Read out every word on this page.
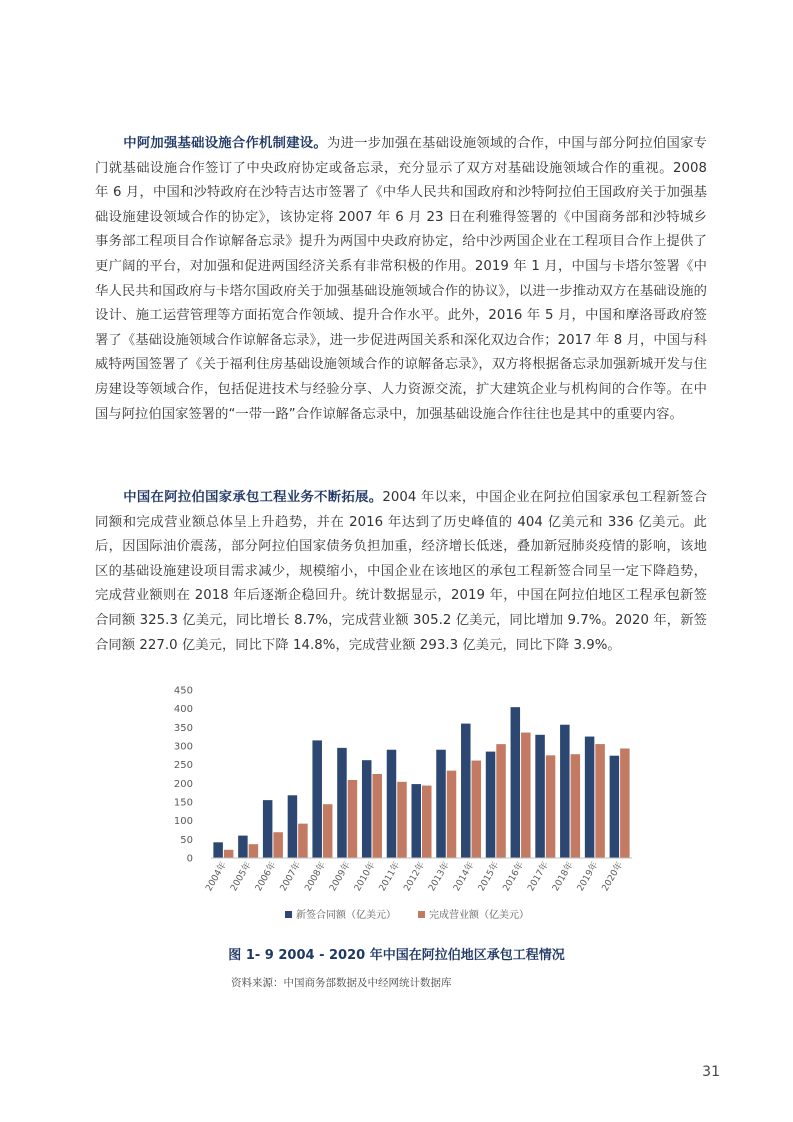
中阿加强基础设施合作机制建设。为进一步加强在基础设施领域的合作，中国与部分阿拉伯国家专门就基础设施合作签订了中央政府协定或备忘录，充分显示了双方对基础设施领域合作的重视。2008 年 6 月，中国和沙特政府在沙特吉达市签署了《中华人民共和国政府和沙特阿拉伯王国政府关于加强基础设施建设领域合作的协定》，该协定将 2007 年 6 月 23 日在利雅得签署的《中国商务部和沙特城乡事务部工程项目合作谅解备忘录》提升为两国中央政府协定，给中沙两国企业在工程项目合作上提供了更广阔的平台，对加强和促进两国经济关系有非常积极的作用。2019 年 1 月，中国与卡塔尔签署《中华人民共和国政府与卡塔尔国政府关于加强基础设施领域合作的协议》，以进一步推动双方在基础设施的设计、施工运营管理等方面拓宽合作领域、提升合作水平。此外，2016 年 5 月，中国和摩洛哥政府签署了《基础设施领域合作谅解备忘录》，进一步促进两国关系和深化双边合作；2017 年 8 月，中国与科威特两国签署了《关于福利住房基础设施领域合作的谅解备忘录》，双方将根据备忘录加强新城开发与住房建设等领域合作，包括促进技术与经验分享、人力资源交流，扩大建筑企业与机构间的合作等。在中国与阿拉伯国家签署的“一带一路”合作谅解备忘录中，加强基础设施合作往往也是其中的重要内容。

中国在阿拉伯国家承包工程业务不断拓展。2004 年以来，中国企业在阿拉伯国家承包工程新签合同额和完成营业额总体呈上升趋势，并在 2016 年达到了历史峰值的 404 亿美元和 336 亿美元。此后，因国际油价震荡，部分阿拉伯国家债务负担加重，经济增长低迷，叠加新冠肺炎疫情的影响，该地区的基础设施建设项目需求减少，规模缩小，中国企业在该地区的承包工程新签合同呈一定下降趋势，完成营业额则在 2018 年后逐渐企稳回升。统计数据显示，2019 年，中国在阿拉伯地区工程承包新签合同额 325.3 亿美元，同比增长 8.7%，完成营业额 305.2 亿美元，同比增加 9.7%。2020 年，新签合同额 227.0 亿美元，同比下降 14.8%，完成营业额 293.3 亿美元，同比下降 3.9%。

0
50
100
150
200
250
300
350
400
450
2004年 2005年 2006年 2007年 2008年 2009年 2010年 2011年 2012年 2013年 2014年 2015年 2016年 2017年 2018年 2019年 2020年
新签合同额（亿美元）	完成营业额（亿美元）
图 1- 9 2004 - 2020 年中国在阿拉伯地区承包工程情况
资料来源：中国商务部数据及中经网统计数据库
31
